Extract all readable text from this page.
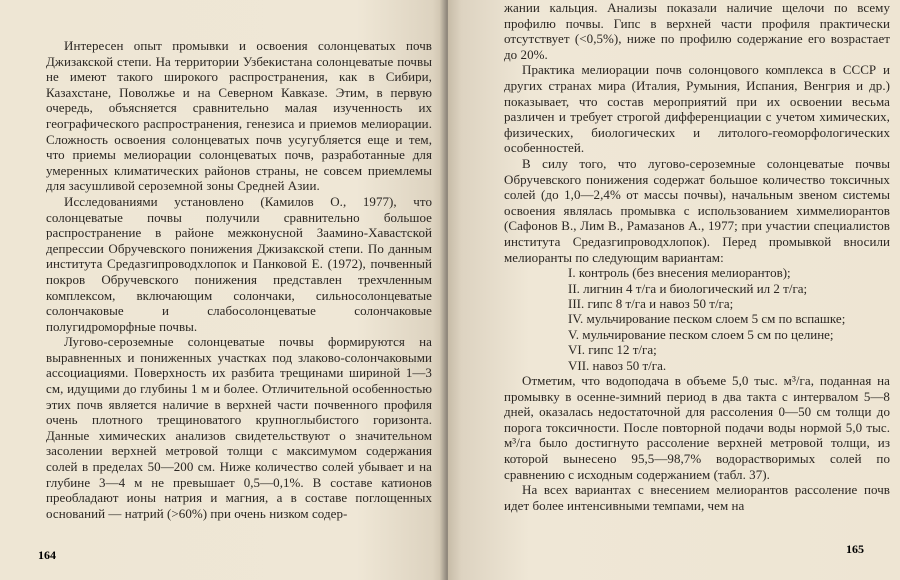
Интересен опыт промывки и освоения солонцеватых почв Джизакской степи. На территории Узбекистана солонцеватые почвы не имеют такого широкого распространения, как в Сибири, Казахстане, Поволжье и на Северном Кавказе. Этим, в первую очередь, объясняется сравнительно малая изученность их географического распространения, генезиса и приемов мелиорации. Сложность освоения солонцеватых почв усугубляется еще и тем, что приемы мелиорации солонцеватых почв, разработанные для умеренных климатических районов страны, не совсем приемлемы для засушливой сероземной зоны Средней Азии.

Исследованиями установлено (Камилов О., 1977), что солонцеватые почвы получили сравнительно большое распространение в районе межконусной Заамино-Хавастской депрессии Обручевского понижения Джизакской степи. По данным института Средазгипроводхлопок и Панковой Е. (1972), почвенный покров Обручевского понижения представлен трехчленным комплексом, включающим солончаки, сильносолонцеватые солончаковые и слабосолонцеватые солончаковые полугидроморфные почвы.

Лугово-сероземные солонцеватые почвы формируются на выравненных и пониженных участках под злаково-солончаковыми ассоциациями. Поверхность их разбита трещинами шириной 1—3 см, идущими до глубины 1 м и более. Отличительной особенностью этих почв является наличие в верхней части почвенного профиля очень плотного трещиноватого крупноглыбистого горизонта. Данные химических анализов свидетельствуют о значительном засолении верхней метровой толщи с максимумом содержания солей в пределах 50—200 см. Ниже количество солей убывает и на глубине 3—4 м не превышает 0,5—0,1%. В составе катионов преобладают ионы натрия и магния, а в составе поглощенных оснований — натрий (>60%) при очень низком содер-

жании кальция. Анализы показали наличие щелочи по всему профилю почвы. Гипс в верхней части профиля практически отсутствует (<0,5%), ниже по профилю содержание его возрастает до 20%.

Практика мелиорации почв солонцового комплекса в СССР и других странах мира (Италия, Румыния, Испания, Венгрия и др.) показывает, что состав мероприятий при их освоении весьма различен и требует строгой дифференциации с учетом химических, физических, биологических и литолого-геоморфологических особенностей.

В силу того, что лугово-сероземные солонцеватые почвы Обручевского понижения содержат большое количество токсичных солей (до 1,0—2,4% от массы почвы), начальным звеном системы освоения являлась промывка с использованием химмелиорантов (Сафонов В., Лим В., Рамазанов А., 1977; при участии специалистов института Средазгипроводхлопок). Перед промывкой вносили мелиоранты по следующим вариантам:

I. контроль (без внесения мелиорантов);
II. лигнин 4 т/га и биологический ил 2 т/га;
III. гипс 8 т/га и навоз 50 т/га;
IV. мульчирование песком слоем 5 см по вспашке;
V. мульчирование песком слоем 5 см по целине;
VI. гипс 12 т/га;
VII. навоз 50 т/га.

Отметим, что водоподача в объеме 5,0 тыс. м³/га, поданная на промывку в осенне-зимний период в два такта с интервалом 5—8 дней, оказалась недостаточной для рассоления 0—50 см толщи до порога токсичности. После повторной подачи воды нормой 5,0 тыс. м³/га было достигнуто рассоление верхней метровой толщи, из которой вынесено 95,5—98,7% водорастворимых солей по сравнению с исходным содержанием (табл. 37).

На всех вариантах с внесением мелиорантов рассоление почв идет более интенсивными темпами, чем на

164	165
